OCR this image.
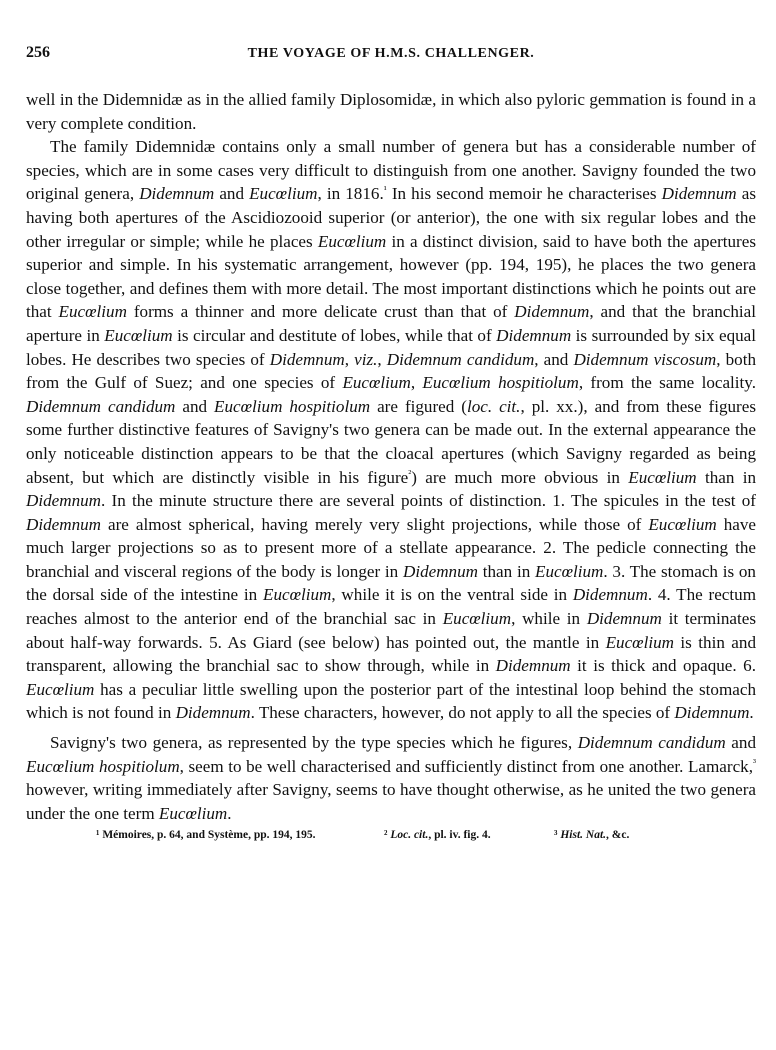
256	THE VOYAGE OF H.M.S. CHALLENGER.

well in the Didemnidæ as in the allied family Diplosomidæ, in which also pyloric gemmation is found in a very complete condition.

The family Didemnidæ contains only a small number of genera but has a considerable number of species, which are in some cases very difficult to distinguish from one another. Savigny founded the two original genera, Didemnum and Eucœlium, in 1816.$^{^1}$ In his second memoir he characterises Didemnum as having both apertures of the Ascidiozooid superior (or anterior), the one with six regular lobes and the other irregular or simple; while he places Eucœlium in a distinct division, said to have both the apertures superior and simple. In his systematic arrangement, however (pp. 194, 195), he places the two genera close together, and defines them with more detail. The most important distinctions which he points out are that Eucœlium forms a thinner and more delicate crust than that of Didemnum, and that the branchial aperture in Eucœlium is circular and destitute of lobes, while that of Didemnum is surrounded by six equal lobes. He describes two species of Didemnum, viz., Didemnum candidum, and Didemnum viscosum, both from the Gulf of Suez; and one species of Eucœlium, Eucœlium hospitiolum, from the same locality. Didemnum candidum and Eucœlium hospitiolum are figured (loc. cit., pl. xx.), and from these figures some further distinctive features of Savigny's two genera can be made out. In the external appearance the only noticeable distinction appears to be that the cloacal apertures (which Savigny regarded as being absent, but which are distinctly visible in his figure$^{^2}$) are much more obvious in Eucœlium than in Didemnum. In the minute structure there are several points of distinction. 1. The spicules in the test of Didemnum are almost spherical, having merely very slight projections, while those of Eucœlium have much larger projections so as to present more of a stellate appearance. 2. The pedicle connecting the branchial and visceral regions of the body is longer in Didemnum than in Eucœlium. 3. The stomach is on the dorsal side of the intestine in Eucœlium, while it is on the ventral side in Didemnum. 4. The rectum reaches almost to the anterior end of the branchial sac in Eucœlium, while in Didemnum it terminates about half-way forwards. 5. As Giard (see below) has pointed out, the mantle in Eucœlium is thin and transparent, allowing the branchial sac to show through, while in Didemnum it is thick and opaque. 6. Eucœlium has a peculiar little swelling upon the posterior part of the intestinal loop behind the stomach which is not found in Didemnum. These characters, however, do not apply to all the species of Didemnum.

Savigny's two genera, as represented by the type species which he figures, Didemnum candidum and Eucœlium hospitiolum, seem to be well characterised and sufficiently distinct from one another. Lamarck,$^{^3}$ however, writing immediately after Savigny, seems to have thought otherwise, as he united the two genera under the one term Eucœlium.

¹ Mémoires, p. 64, and Système, pp. 194, 195.	² Loc. cit., pl. iv. fig. 4.	³ Hist. Nat., &c.
